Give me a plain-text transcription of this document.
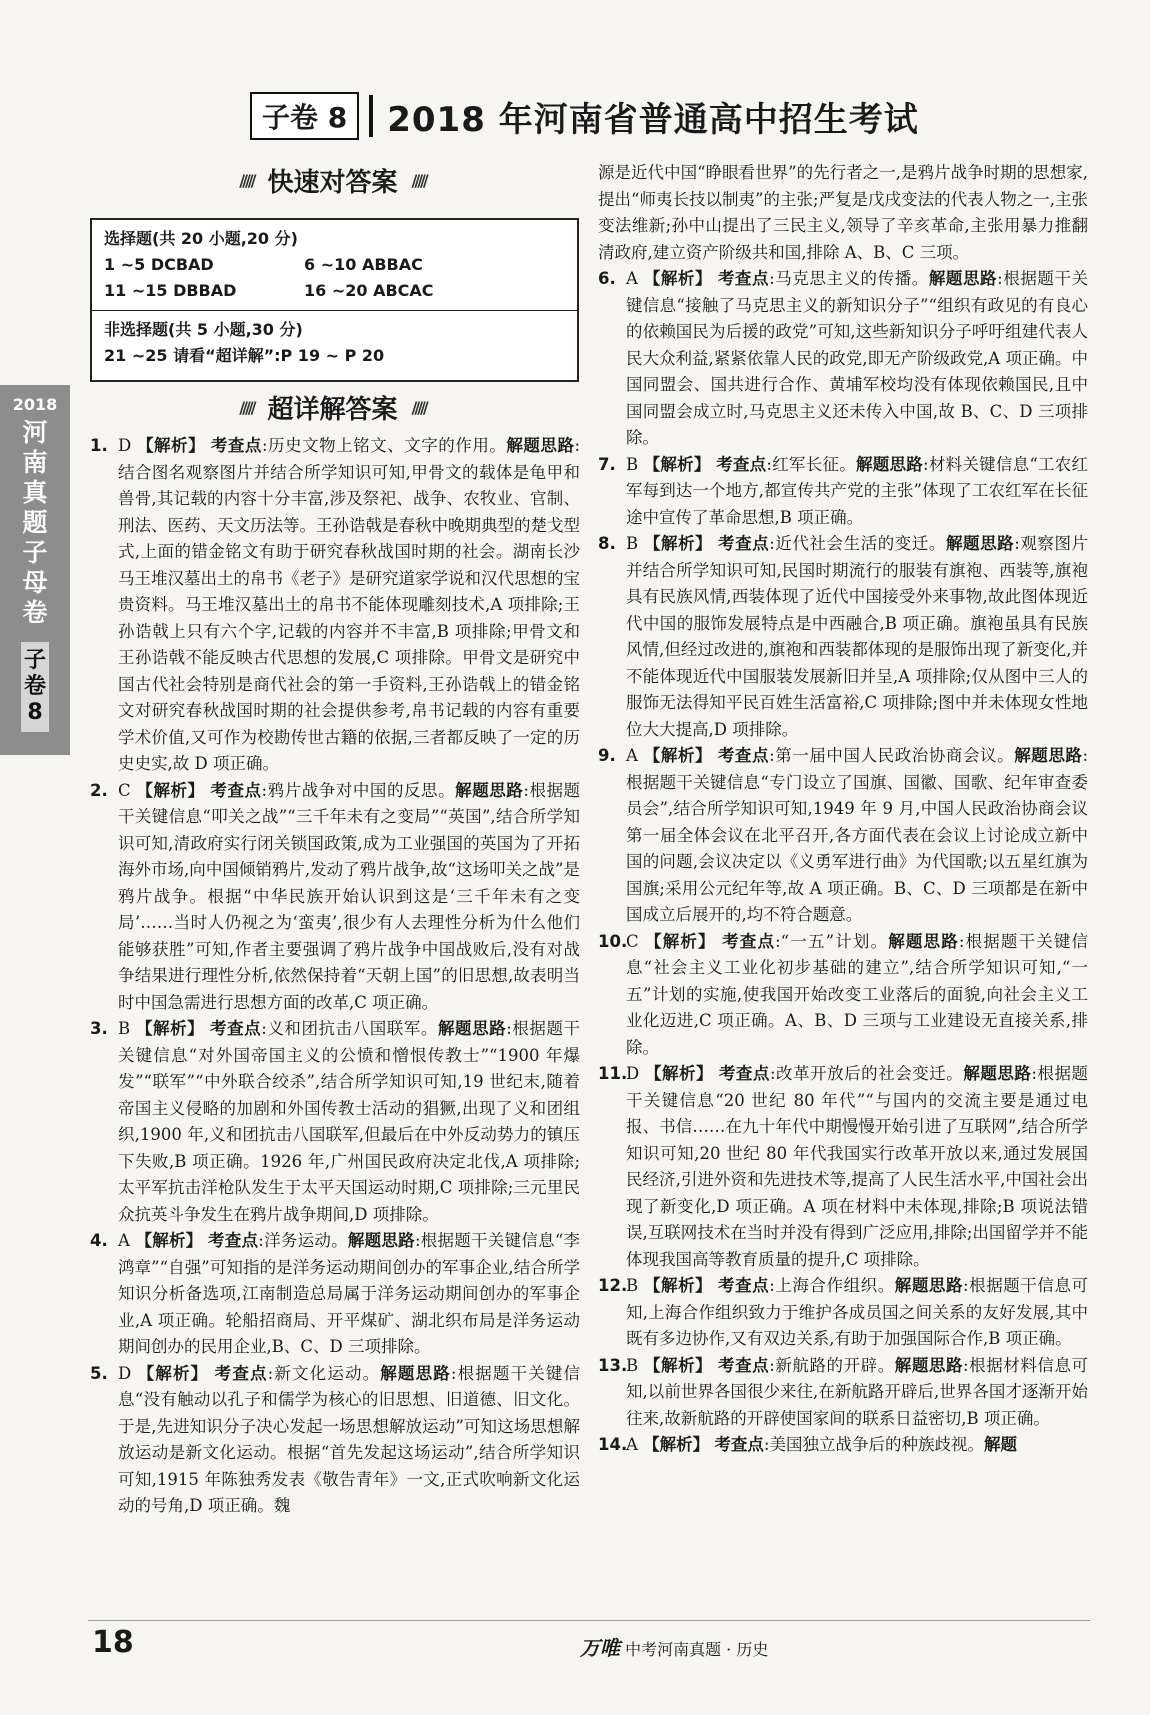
子卷 8	2018 年河南省普通高中招生考试
2018
河南真题子母卷
子卷8
///// 快速对答案 /////
选择题(共 20 小题,20 分)
1 ~5 DCBAD	6 ~10 ABBAC
11 ~15 DBBAD	16 ~20 ABCAC
非选择题(共 5 小题,30 分)
21 ~25 请看“超详解”:P 19 ~ P 20
///// 超详解答案 /////

1. D 【解析】 考查点:历史文物上铭文、文字的作用。解题思路:结合图名观察图片并结合所学知识可知,甲骨文的载体是龟甲和兽骨,其记载的内容十分丰富,涉及祭祀、战争、农牧业、官制、刑法、医药、天文历法等。王孙诰戟是春秋中晚期典型的楚戈型式,上面的错金铭文有助于研究春秋战国时期的社会。湖南长沙马王堆汉墓出土的帛书《老子》是研究道家学说和汉代思想的宝贵资料。马王堆汉墓出土的帛书不能体现雕刻技术,A 项排除;王孙诰戟上只有六个字,记载的内容并不丰富,B 项排除;甲骨文和王孙诰戟不能反映古代思想的发展,C 项排除。甲骨文是研究中国古代社会特别是商代社会的第一手资料,王孙诰戟上的错金铭文对研究春秋战国时期的社会提供参考,帛书记载的内容有重要学术价值,又可作为校勘传世古籍的依据,三者都反映了一定的历史史实,故 D 项正确。

2. C 【解析】 考查点:鸦片战争对中国的反思。解题思路:根据题干关键信息“叩关之战”“三千年未有之变局”“英国”,结合所学知识可知,清政府实行闭关锁国政策,成为工业强国的英国为了开拓海外市场,向中国倾销鸦片,发动了鸦片战争,故“这场叩关之战”是鸦片战争。根据“中华民族开始认识到这是‘三千年未有之变局’……当时人仍视之为‘蛮夷’,很少有人去理性分析为什么他们能够获胜”可知,作者主要强调了鸦片战争中国战败后,没有对战争结果进行理性分析,依然保持着“天朝上国”的旧思想,故表明当时中国急需进行思想方面的改革,C 项正确。

3. B 【解析】 考查点:义和团抗击八国联军。解题思路:根据题干关键信息“对外国帝国主义的公愤和憎恨传教士”“1900 年爆发”“联军”“中外联合绞杀”,结合所学知识可知,19 世纪末,随着帝国主义侵略的加剧和外国传教士活动的猖獗,出现了义和团组织,1900 年,义和团抗击八国联军,但最后在中外反动势力的镇压下失败,B 项正确。1926 年,广州国民政府决定北伐,A 项排除;太平军抗击洋枪队发生于太平天国运动时期,C 项排除;三元里民众抗英斗争发生在鸦片战争期间,D 项排除。

4. A 【解析】 考查点:洋务运动。解题思路:根据题干关键信息“李鸿章”“自强”可知指的是洋务运动期间创办的军事企业,结合所学知识分析备选项,江南制造总局属于洋务运动期间创办的军事企业,A 项正确。轮船招商局、开平煤矿、湖北织布局是洋务运动期间创办的民用企业,B、C、D 三项排除。

5. D 【解析】 考查点:新文化运动。解题思路:根据题干关键信息“没有触动以孔子和儒学为核心的旧思想、旧道德、旧文化。于是,先进知识分子决心发起一场思想解放运动”可知这场思想解放运动是新文化运动。根据“首先发起这场运动”,结合所学知识可知,1915 年陈独秀发表《敬告青年》一文,正式吹响新文化运动的号角,D 项正确。魏

源是近代中国“睁眼看世界”的先行者之一,是鸦片战争时期的思想家,提出“师夷长技以制夷”的主张;严复是戊戌变法的代表人物之一,主张变法维新;孙中山提出了三民主义,领导了辛亥革命,主张用暴力推翻清政府,建立资产阶级共和国,排除 A、B、C 三项。

6. A 【解析】 考查点:马克思主义的传播。解题思路:根据题干关键信息“接触了马克思主义的新知识分子”“组织有政见的有良心的依赖国民为后援的政党”可知,这些新知识分子呼吁组建代表人民大众利益,紧紧依靠人民的政党,即无产阶级政党,A 项正确。中国同盟会、国共进行合作、黄埔军校均没有体现依赖国民,且中国同盟会成立时,马克思主义还未传入中国,故 B、C、D 三项排除。

7. B 【解析】 考查点:红军长征。解题思路:材料关键信息“工农红军每到达一个地方,都宣传共产党的主张”体现了工农红军在长征途中宣传了革命思想,B 项正确。

8. B 【解析】 考查点:近代社会生活的变迁。解题思路:观察图片并结合所学知识可知,民国时期流行的服装有旗袍、西装等,旗袍具有民族风情,西装体现了近代中国接受外来事物,故此图体现近代中国的服饰发展特点是中西融合,B 项正确。旗袍虽具有民族风情,但经过改进的,旗袍和西装都体现的是服饰出现了新变化,并不能体现近代中国服装发展新旧并呈,A 项排除;仅从图中三人的服饰无法得知平民百姓生活富裕,C 项排除;图中并未体现女性地位大大提高,D 项排除。

9. A 【解析】 考查点:第一届中国人民政治协商会议。解题思路:根据题干关键信息“专门设立了国旗、国徽、国歌、纪年审查委员会”,结合所学知识可知,1949 年 9 月,中国人民政治协商会议第一届全体会议在北平召开,各方面代表在会议上讨论成立新中国的问题,会议决定以《义勇军进行曲》为代国歌;以五星红旗为国旗;采用公元纪年等,故 A 项正确。B、C、D 三项都是在新中国成立后展开的,均不符合题意。

10.
C 【解析】 考查点:“一五”计划。解题思路:根据题干关键信息“社会主义工业化初步基础的建立”,结合所学知识可知,“一五”计划的实施,使我国开始改变工业落后的面貌,向社会主义工业化迈进,C 项正确。A、B、D 三项与工业建设无直接关系,排除。

11.
D 【解析】 考查点:改革开放后的社会变迁。解题思路:根据题干关键信息“20 世纪 80 年代”“与国内的交流主要是通过电报、书信……在九十年代中期慢慢开始引进了互联网”,结合所学知识可知,20 世纪 80 年代我国实行改革开放以来,通过发展国民经济,引进外资和先进技术等,提高了人民生活水平,中国社会出现了新变化,D 项正确。A 项在材料中未体现,排除;B 项说法错误,互联网技术在当时并没有得到广泛应用,排除;出国留学并不能体现我国高等教育质量的提升,C 项排除。

12.
B 【解析】 考查点:上海合作组织。解题思路:根据题干信息可知,上海合作组织致力于维护各成员国之间关系的友好发展,其中既有多边协作,又有双边关系,有助于加强国际合作,B 项正确。

13.
B 【解析】 考查点:新航路的开辟。解题思路:根据材料信息可知,以前世界各国很少来往,在新航路开辟后,世界各国才逐渐开始往来,故新航路的开辟使国家间的联系日益密切,B 项正确。

14.
A 【解析】 考查点:美国独立战争后的种族歧视。解题

18	万唯 中考河南真题 · 历史
